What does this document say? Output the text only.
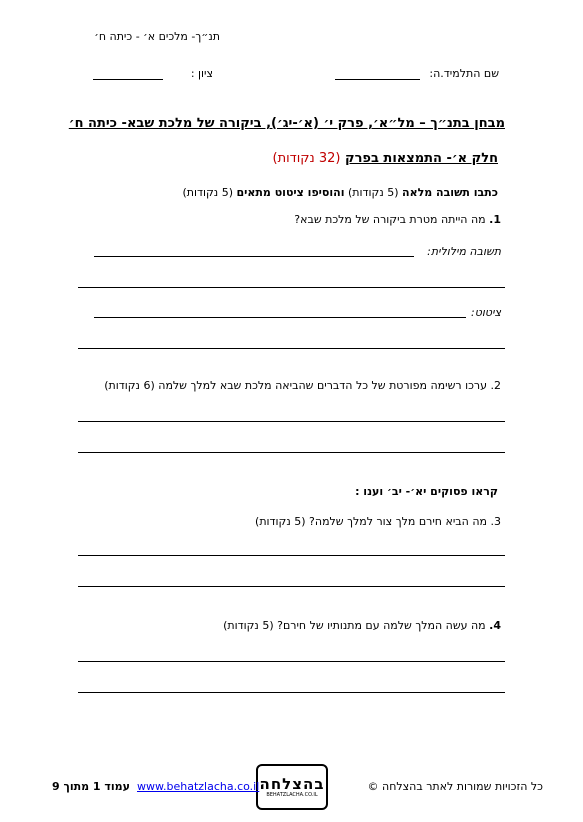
תנ״ך- מלכים א׳ - כיתה ח׳
שם התלמיד.ה:
ציון :
מבחן בתנ״ך – מל״א׳, פרק י׳ (א׳-יג׳), ביקורה של מלכת שבא- כיתה ח׳
חלק א׳- התמצאות בפרק (32 נקודות)
כתבו תשובה מלאה (5 נקודות) והוסיפו ציטוט מתאים (5 נקודות)
1. מה הייתה מטרת ביקורה של מלכת שבא?
תשובה מילולית:
ציטוט:
2. ערכו רשימה מפורטת של כל הדברים שהביאה מלכת שבא למלך שלמה (6 נקודות)
קראו פסוקים יא׳- יב׳ וענו :
3. מה הביא חירם מלך צור למלך שלמה? (5 נקודות)
4. מה עשה המלך שלמה עם מתנותיו של חירם? (5 נקודות)
כל הזכויות שמורות לאתר בהצלחה ©
בהצלחה
BEHATZLACHA.CO.IL
www.behatzlacha.co.il
עמוד 1 מתוך 9
